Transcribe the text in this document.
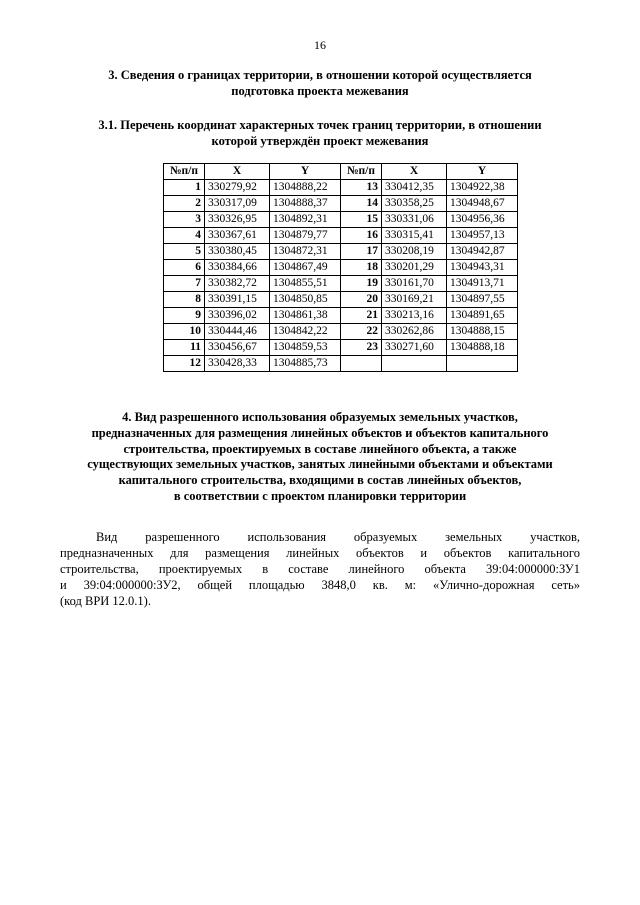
16
3. Сведения о границах территории, в отношении которой осуществляется
подготовка проекта межевания
3.1. Перечень координат характерных точек границ территории, в отношении
которой утверждён проект межевания
№п/п	X	Y	№п/п	X	Y
1	330279,92	1304888,22	13	330412,35	1304922,38
2	330317,09	1304888,37	14	330358,25	1304948,67
3	330326,95	1304892,31	15	330331,06	1304956,36
4	330367,61	1304879,77	16	330315,41	1304957,13
5	330380,45	1304872,31	17	330208,19	1304942,87
6	330384,66	1304867,49	18	330201,29	1304943,31
7	330382,72	1304855,51	19	330161,70	1304913,71
8	330391,15	1304850,85	20	330169,21	1304897,55
9	330396,02	1304861,38	21	330213,16	1304891,65
10	330444,46	1304842,22	22	330262,86	1304888,15
11	330456,67	1304859,53	23	330271,60	1304888,18
12	330428,33	1304885,73			
4. Вид разрешенного использования образуемых земельных участков,
предназначенных для размещения линейных объектов и объектов капитального
строительства, проектируемых в составе линейного объекта, а также
существующих земельных участков, занятых линейными объектами и объектами
капитального строительства, входящими в состав линейных объектов,
в соответствии с проектом планировки территории
Вид разрешенного использования образуемых земельных участков,
предназначенных для размещения линейных объектов и объектов капитального
строительства, проектируемых в составе линейного объекта 39:04:000000:ЗУ1
и 39:04:000000:ЗУ2, общей площадью 3848,0 кв. м: «Улично-дорожная сеть»
(код ВРИ 12.0.1).
